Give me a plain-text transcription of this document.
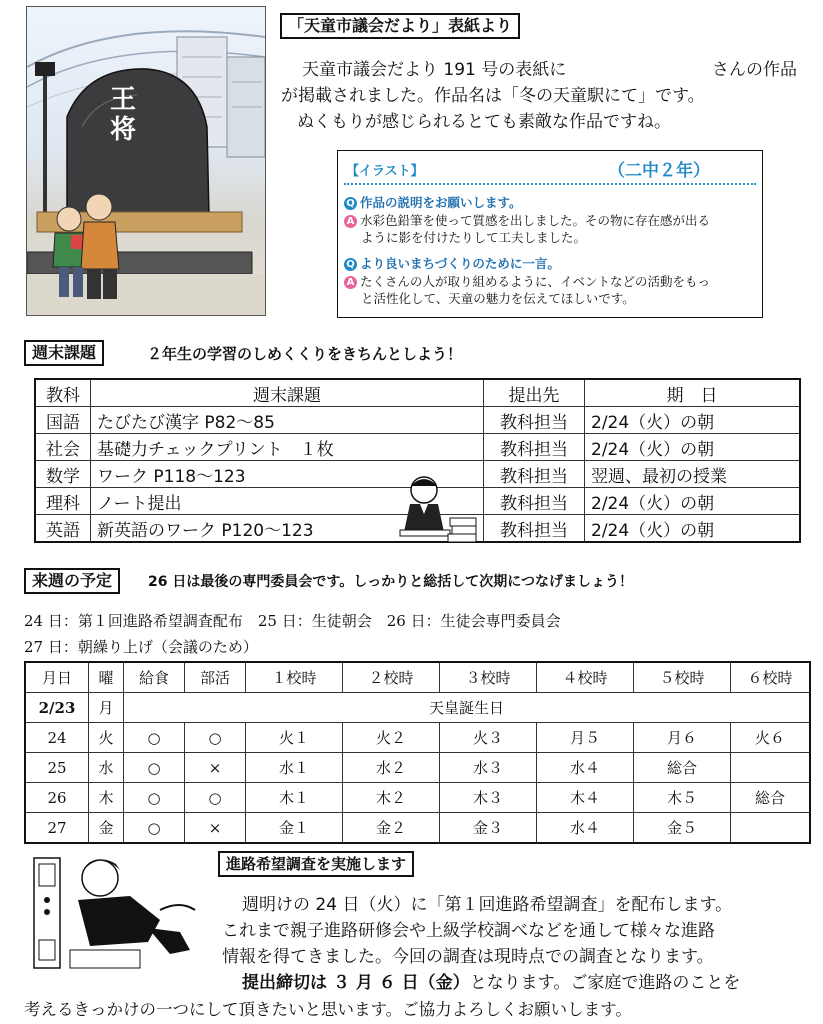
王将
「天童市議会だより」表紙より
天童市議会だより 191 号の表紙に	さんの作品
が掲載されました。作品名は「冬の天童駅にて」です。
ぬくもりが感じられるとても素敵な作品ですね。
【イラスト】	（二中２年）
Q 作品の説明をお願いします。
A 水彩色鉛筆を使って質感を出しました。その物に存在感が出る
ように影を付けたりして工夫しました。
Q より良いまちづくりのために一言。
A たくさんの人が取り組めるように、イベントなどの活動をもっ
と活性化して、天童の魅力を伝えてほしいです。
週末課題	２年生の学習のしめくくりをきちんとしよう！
教科	週末課題	提出先	期　日
国語	たびたび漢字 P82～85	教科担当	2/24（火）の朝
社会	基礎力チェックプリント　１枚	教科担当	2/24（火）の朝
数学	ワーク P118～123	教科担当	翌週、最初の授業
理科	ノート提出	教科担当	2/24（火）の朝
英語	新英語のワーク P120～123	教科担当	2/24（火）の朝
来週の予定	26 日は最後の専門委員会です。しっかりと総括して次期につなげましょう！
24 日：第１回進路希望調査配布　25 日：生徒朝会　26 日：生徒会専門委員会
27 日：朝繰り上げ（会議のため）
月日	曜	給食	部活	１校時	２校時	３校時	４校時	５校時	６校時
2/23	月	天皇誕生日							
24	火	○	○	火１	火２	火３	月５	月６	火６
25	水	○	×	水１	水２	水３	水４	総合	
26	木	○	○	木１	木２	木３	木４	木５	総合
27	金	○	×	金１	金２	金３	水４	金５	
進路希望調査を実施します
週明けの 24 日（火）に「第１回進路希望調査」を配布します。
これまで親子進路研修会や上級学校調べなどを通して様々な進路
情報を得てきました。今回の調査は現時点での調査となります。
提出締切は ３ 月 ６ 日（金）となります。ご家庭で進路のことを
考えるきっかけの一つにして頂きたいと思います。ご協力よろしくお願いします。
